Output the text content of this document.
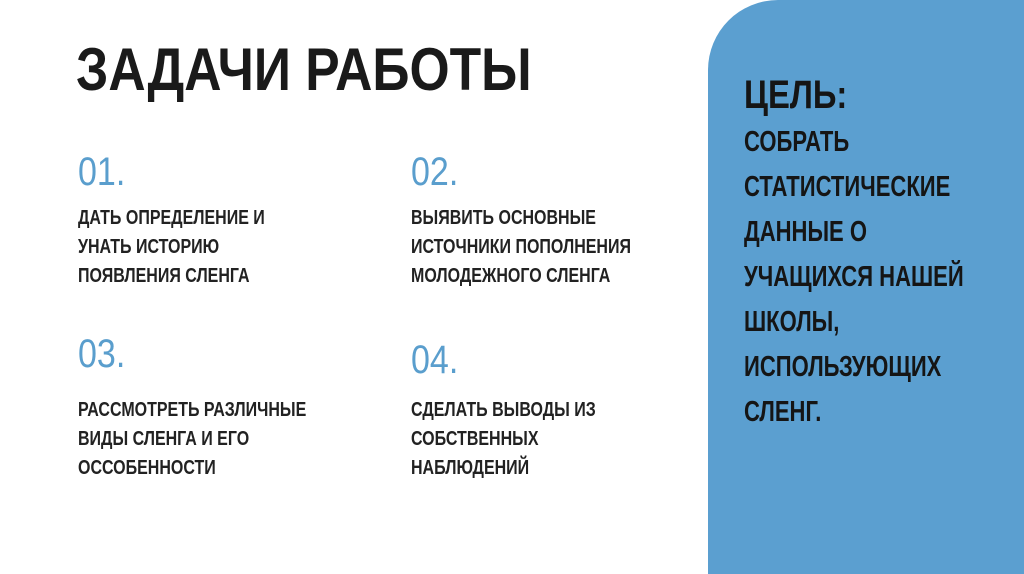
ЗАДАЧИ РАБОТЫ
01.

ДАТЬ ОПРЕДЕЛЕНИЕ И
УНАТЬ ИСТОРИЮ
ПОЯВЛЕНИЯ СЛЕНГА

02.

ВЫЯВИТЬ ОСНОВНЫЕ
ИСТОЧНИКИ ПОПОЛНЕНИЯ
МОЛОДЕЖНОГО СЛЕНГА

03.

РАССМОТРЕТЬ РАЗЛИЧНЫЕ
ВИДЫ СЛЕНГА И ЕГО
ОССОБЕННОСТИ

04.

СДЕЛАТЬ ВЫВОДЫ ИЗ
СОБСТВЕННЫХ
НАБЛЮДЕНИЙ

ЦЕЛЬ:

СОБРАТЬ
СТАТИСТИЧЕСКИЕ
ДАННЫЕ О
УЧАЩИХСЯ НАШЕЙ
ШКОЛЫ,
ИСПОЛЬЗУЮЩИХ
СЛЕНГ.
